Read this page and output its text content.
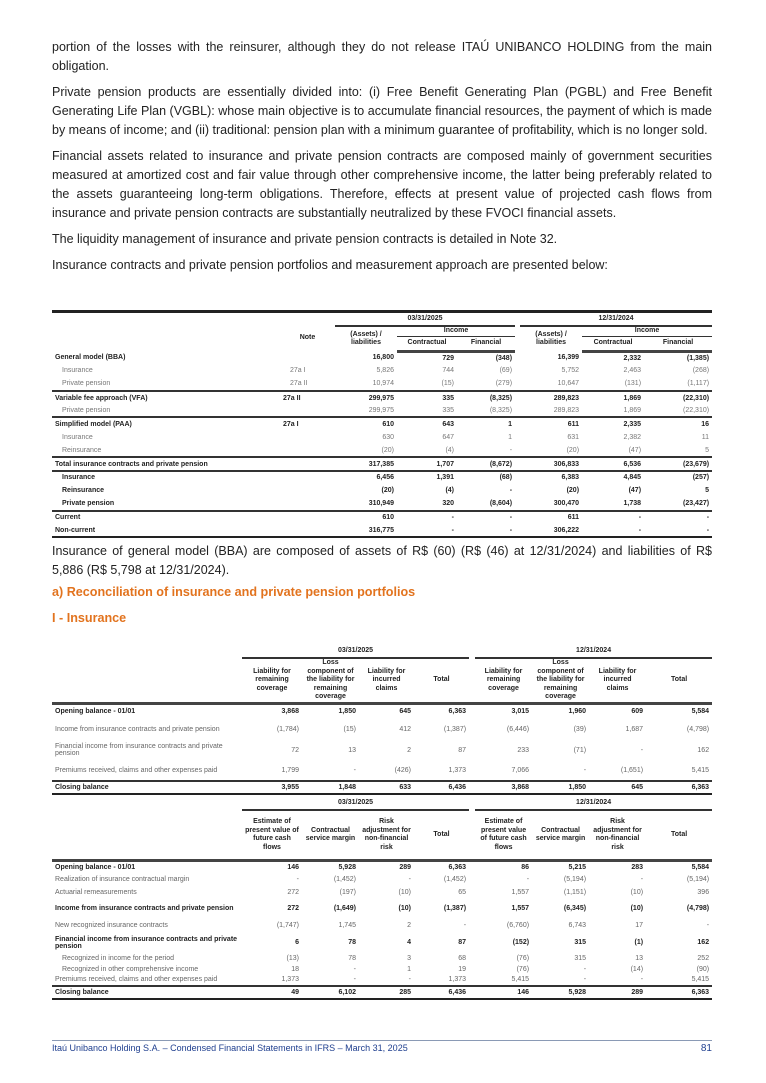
portion of the losses with the reinsurer, although they do not release ITAÚ UNIBANCO HOLDING from the main obligation.

Private pension products are essentially divided into: (i) Free Benefit Generating Plan (PGBL) and Free Benefit Generating Life Plan (VGBL): whose main objective is to accumulate financial resources, the payment of which is made by means of income; and (ii) traditional: pension plan with a minimum guarantee of profitability, which is no longer sold.

Financial assets related to insurance and private pension contracts are composed mainly of government securities measured at amortized cost and fair value through other comprehensive income, the latter being preferably related to the assets guaranteeing long-term obligations. Therefore, effects at present value of projected cash flows from insurance and private pension contracts are substantially neutralized by these FVOCI financial assets.

The liquidity management of insurance and private pension contracts is detailed in Note 32.

Insurance contracts and private pension portfolios and measurement approach are presented below:

		03/31/2025				12/31/2024		
	Note	(Assets) / liabilities	Income			(Assets) / liabilities	Income	
			Contractual	Financial			Contractual	Financial
General model (BBA)		16,800	729	(348)		16,399	2,332	(1,385)
Insurance	27a I	5,826	744	(69)		5,752	2,463	(268)
Private pension	27a II	10,974	(15)	(279)		10,647	(131)	(1,117)
Variable fee approach (VFA)	27a II	299,975	335	(8,325)		289,823	1,869	(22,310)
Private pension		299,975	335	(8,325)		289,823	1,869	(22,310)
Simplified model (PAA)	27a I	610	643	1		611	2,335	16
Insurance		630	647	1		631	2,382	11
Reinsurance		(20)	(4)	-		(20)	(47)	5
Total insurance contracts and private pension		317,385	1,707	(8,672)		306,833	6,536	(23,679)
Insurance		6,456	1,391	(68)		6,383	4,845	(257)
Reinsurance		(20)	(4)	-		(20)	(47)	5
Private pension		310,949	320	(8,604)		300,470	1,738	(23,427)
Current		610	-	-		611	-	-
Non-current		316,775	-	-		306,222	-	-

Insurance of general model (BBA) are composed of assets of R$ (60) (R$ (46) at 12/31/2024) and liabilities of R$ 5,886 (R$ 5,798 at 12/31/2024).

a) Reconciliation of insurance and private pension portfolios

I - Insurance

	03/31/2025					12/31/2024			
	Liability for remaining coverage	Loss component of the liability for remaining coverage	Liability for incurred claims	Total		Liability for remaining coverage	Loss component of the liability for remaining coverage	Liability for incurred claims	Total
Opening balance - 01/01	3,868	1,850	645	6,363		3,015	1,960	609	5,584
Income from insurance contracts and private pension	(1,784)	(15)	412	(1,387)		(6,446)	(39)	1,687	(4,798)
Financial income from insurance contracts and private pension	72	13	2	87		233	(71)	-	162
Premiums received, claims and other expenses paid	1,799	-	(426)	1,373		7,066	-	(1,651)	5,415
Closing balance	3,955	1,848	633	6,436		3,868	1,850	645	6,363
	03/31/2025					12/31/2024			
	Estimate of present value of future cash flows	Contractual service margin	Risk adjustment for non-financial risk	Total		Estimate of present value of future cash flows	Contractual service margin	Risk adjustment for non-financial risk	Total
Opening balance - 01/01	146	5,928	289	6,363		86	5,215	283	5,584
Realization of insurance contractual margin	-	(1,452)	-	(1,452)		-	(5,194)	-	(5,194)
Actuarial remeasurements	272	(197)	(10)	65		1,557	(1,151)	(10)	396
Income from insurance contracts and private pension	272	(1,649)	(10)	(1,387)		1,557	(6,345)	(10)	(4,798)
New recognized insurance contracts	(1,747)	1,745	2	-		(6,760)	6,743	17	-
Financial income from insurance contracts and private pension	6	78	4	87		(152)	315	(1)	162
Recognized in income for the period	(13)	78	3	68		(76)	315	13	252
Recognized in other comprehensive income	18	-	1	19		(76)	-	(14)	(90)
Premiums received, claims and other expenses paid	1,373	-	-	1,373		5,415	-	-	5,415
Closing balance	49	6,102	285	6,436		146	5,928	289	6,363
Itaú Unibanco Holding S.A. – Condensed Financial Statements in IFRS – March 31, 2025	81
